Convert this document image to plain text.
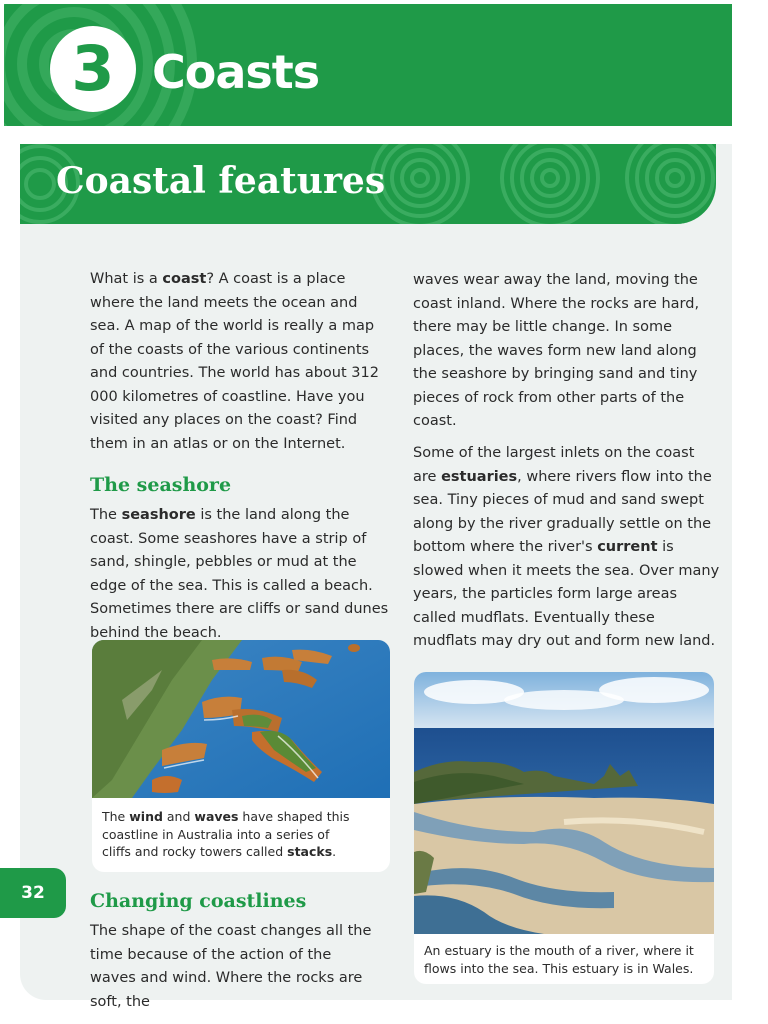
3 Coasts
Coastal features

What is a coast? A coast is a place where the land meets the ocean and sea. A map of the world is really a map of the coasts of the various continents and countries. The world has about 312 000 kilometres of coastline. Have you visited any places on the coast? Find them in an atlas or on the Internet.

The seashore

The seashore is the land along the coast. Some seashores have a strip of sand, shingle, pebbles or mud at the edge of the sea. This is called a beach. Sometimes there are cliffs or sand dunes behind the beach.

The wind and waves have shaped this coastline in Australia into a series of cliffs and rocky towers called stacks.

Changing coastlines

The shape of the coast changes all the time because of the action of the waves and wind. Where the rocks are soft, the

waves wear away the land, moving the coast inland. Where the rocks are hard, there may be little change. In some places, the waves form new land along the seashore by bringing sand and tiny pieces of rock from other parts of the coast.

Some of the largest inlets on the coast are estuaries, where rivers flow into the sea. Tiny pieces of mud and sand swept along by the river gradually settle on the bottom where the river's current is slowed when it meets the sea. Over many years, the particles form large areas called mudflats. Eventually these mudflats may dry out and form new land.

An estuary is the mouth of a river, where it flows into the sea. This estuary is in Wales.

32
